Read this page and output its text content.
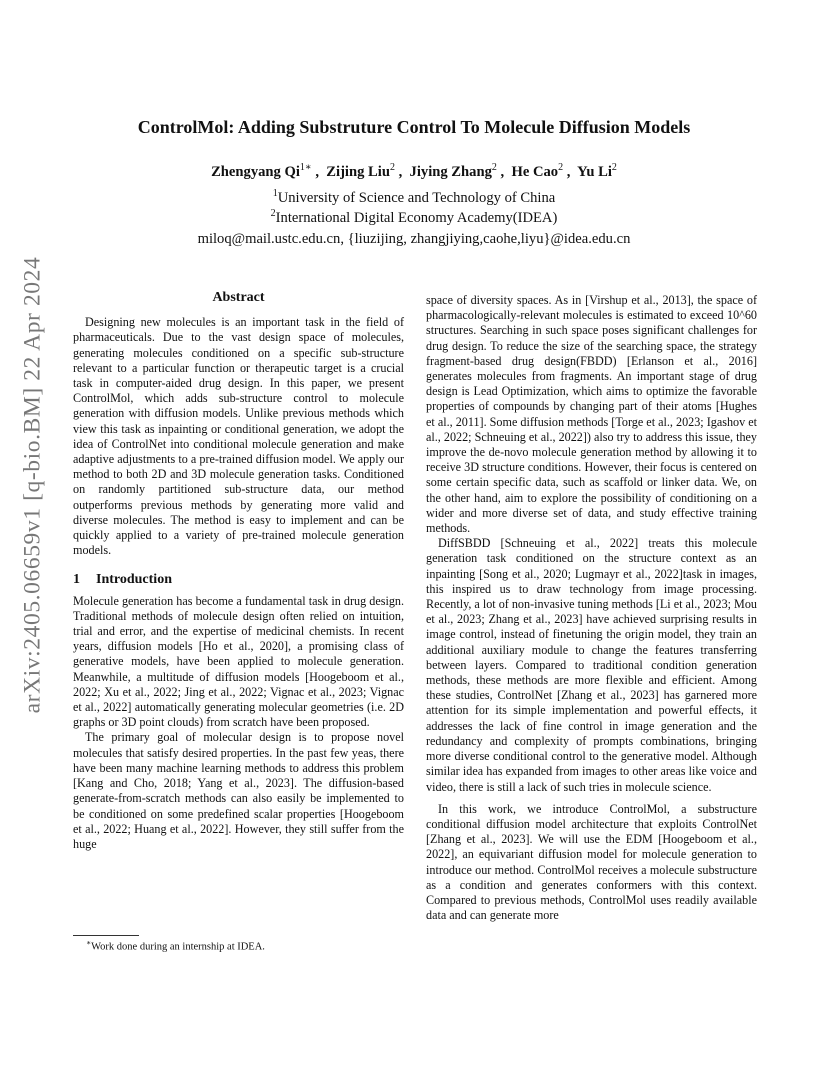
arXiv:2405.06659v1 [q-bio.BM] 22 Apr 2024
ControlMol: Adding Substruture Control To Molecule Diffusion Models
Zhengyang $Qi^{1∗}$ ,  Zijing Liu$^2$ ,  Jiying Zhang$^2$ ,  He Cao$^2$ ,  Yu Li$^2$
$^1$University of Science and Technology of China
$^2$International Digital Economy Academy(IDEA)
miloq@mail.ustc.edu.cn, {liuzijing, zhangjiying,caohe,liyu}@idea.edu.cn
Abstract

Designing new molecules is an important task in the field of pharmaceuticals. Due to the vast design space of molecules, generating molecules conditioned on a specific sub-structure relevant to a particular function or therapeutic target is a crucial task in computer-aided drug design. In this paper, we present ControlMol, which adds sub-structure control to molecule generation with diffusion models. Unlike previous methods which view this task as inpainting or conditional generation, we adopt the idea of ControlNet into conditional molecule generation and make adaptive adjustments to a pre-trained diffusion model. We apply our method to both 2D and 3D molecule generation tasks. Conditioned on randomly partitioned sub-structure data, our method outperforms previous methods by generating more valid and diverse molecules. The method is easy to implement and can be quickly applied to a variety of pre-trained molecule generation models.

1 Introduction

Molecule generation has become a fundamental task in drug design. Traditional methods of molecule design often relied on intuition, trial and error, and the expertise of medicinal chemists. In recent years, diffusion models [Ho et al., 2020], a promising class of generative models, have been applied to molecule generation. Meanwhile, a multitude of diffusion models [Hoogeboom et al., 2022; Xu et al., 2022; Jing et al., 2022; Vignac et al., 2023; Vignac et al., 2022] automatically generating molecular geometries (i.e. 2D graphs or 3D point clouds) from scratch have been proposed.

The primary goal of molecular design is to propose novel molecules that satisfy desired properties. In the past few yeas, there have been many machine learning methods to address this problem [Kang and Cho, 2018; Yang et al., 2023]. The diffusion-based generate-from-scratch methods can also easily be implemented to be conditioned on some predefined scalar properties [Hoogeboom et al., 2022; Huang et al., 2022]. However, they still suffer from the huge

space of diversity spaces. As in [Virshup et al., 2013], the space of pharmacologically-relevant molecules is estimated to exceed 10^60 structures. Searching in such space poses significant challenges for drug design. To reduce the size of the searching space, the strategy fragment-based drug design(FBDD) [Erlanson et al., 2016] generates molecules from fragments. An important stage of drug design is Lead Optimization, which aims to optimize the favorable properties of compounds by changing part of their atoms [Hughes et al., 2011]. Some diffusion methods [Torge et al., 2023; Igashov et al., 2022; Schneuing et al., 2022]) also try to address this issue, they improve the de-novo molecule generation method by allowing it to receive 3D structure conditions. However, their focus is centered on some certain specific data, such as scaffold or linker data. We, on the other hand, aim to explore the possibility of conditioning on a wider and more diverse set of data, and study effective training methods.

DiffSBDD [Schneuing et al., 2022] treats this molecule generation task conditioned on the structure context as an inpainting [Song et al., 2020; Lugmayr et al., 2022]task in images, this inspired us to draw technology from image processing. Recently, a lot of non-invasive tuning methods [Li et al., 2023; Mou et al., 2023; Zhang et al., 2023] have achieved surprising results in image control, instead of finetuning the origin model, they train an additional auxiliary module to change the features transferring between layers. Compared to traditional condition generation methods, these methods are more flexible and efficient. Among these studies, ControlNet [Zhang et al., 2023] has garnered more attention for its simple implementation and powerful effects, it addresses the lack of fine control in image generation and the redundancy and complexity of prompts combinations, bringing more diverse conditional control to the generative model. Although similar idea has expanded from images to other areas like voice and video, there is still a lack of such tries in molecule science.

In this work, we introduce ControlMol, a substructure conditional diffusion model architecture that exploits ControlNet [Zhang et al., 2023]. We will use the EDM [Hoogeboom et al., 2022], an equivariant diffusion model for molecule generation to introduce our method. ControlMol receives a molecule substructure as a condition and generates conformers with this context. Compared to previous methods, ControlMol uses readily available data and can generate more

∗Work done during an internship at IDEA.
